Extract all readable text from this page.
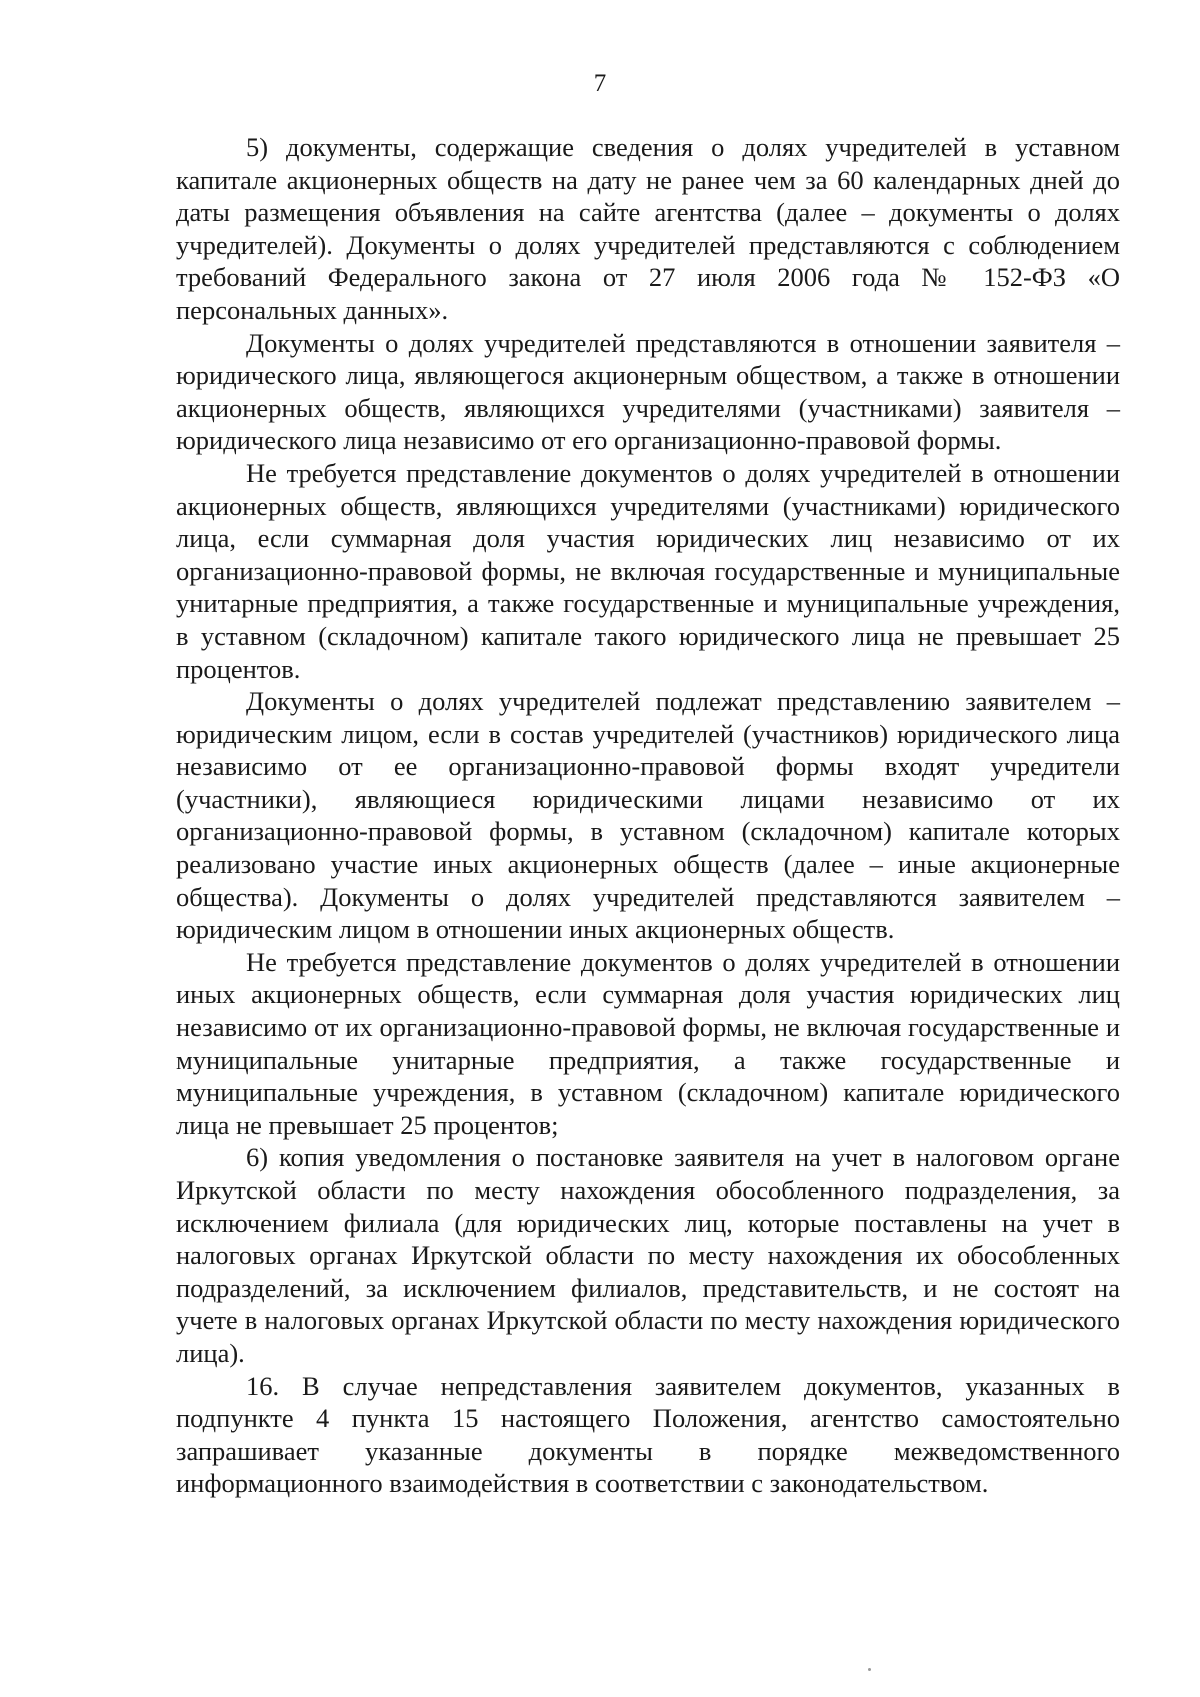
7

5) документы, содержащие сведения о долях учредителей в уставном капитале акционерных обществ на дату не ранее чем за 60 календарных дней до даты размещения объявления на сайте агентства (далее – документы о долях учредителей). Документы о долях учредителей представляются с соблюдением требований Федерального закона от 27 июля 2006 года № 152-ФЗ «О персональных данных».

Документы о долях учредителей представляются в отношении заявителя – юридического лица, являющегося акционерным обществом, а также в отношении акционерных обществ, являющихся учредителями (участниками) заявителя – юридического лица независимо от его организационно-правовой формы.

Не требуется представление документов о долях учредителей в отношении акционерных обществ, являющихся учредителями (участниками) юридического лица, если суммарная доля участия юридических лиц независимо от их организационно-правовой формы, не включая государственные и муниципальные унитарные предприятия, а также государственные и муниципальные учреждения, в уставном (складочном) капитале такого юридического лица не превышает 25 процентов.

Документы о долях учредителей подлежат представлению заявителем – юридическим лицом, если в состав учредителей (участников) юридического лица независимо от ее организационно-правовой формы входят учредители (участники), являющиеся юридическими лицами независимо от их организационно-правовой формы, в уставном (складочном) капитале которых реализовано участие иных акционерных обществ (далее – иные акционерные общества). Документы о долях учредителей представляются заявителем – юридическим лицом в отношении иных акционерных обществ.

Не требуется представление документов о долях учредителей в отношении иных акционерных обществ, если суммарная доля участия юридических лиц независимо от их организационно-правовой формы, не включая государственные и муниципальные унитарные предприятия, а также государственные и муниципальные учреждения, в уставном (складочном) капитале юридического лица не превышает 25 процентов;

6) копия уведомления о постановке заявителя на учет в налоговом органе Иркутской области по месту нахождения обособленного подразделения, за исключением филиала (для юридических лиц, которые поставлены на учет в налоговых органах Иркутской области по месту нахождения их обособленных подразделений, за исключением филиалов, представительств, и не состоят на учете в налоговых органах Иркутской области по месту нахождения юридического лица).

16. В случае непредставления заявителем документов, указанных в подпункте 4 пункта 15 настоящего Положения, агентство самостоятельно запрашивает указанные документы в порядке межведомственного информационного взаимодействия в соответствии с законодательством.
